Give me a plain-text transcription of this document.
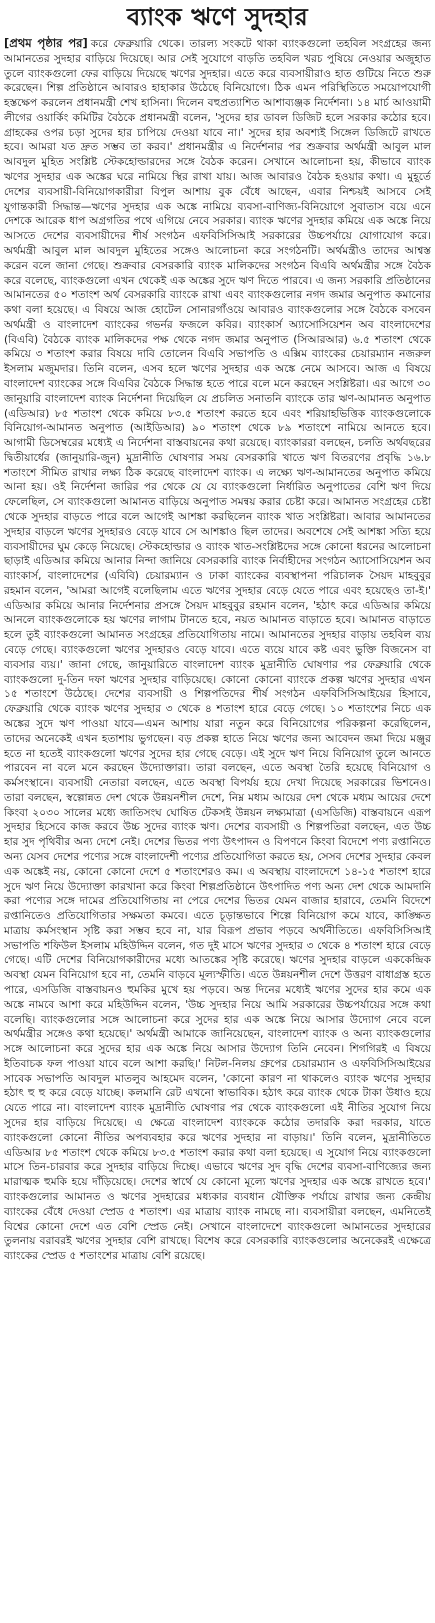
ব্যাংক ঋণে সুদহার

[প্রথম পৃষ্ঠার পর] করে ফেব্রুয়ারি থেকে। তারল্য সংকটে থাকা ব্যাংকগুলো তহবিল সংগ্রহের জন্য আমানতের সুদহার বাড়িয়ে দিয়েছে। আর সেই সুযোগে বাড়তি তহবিল খরচ পুষিয়ে নেওয়ার অজুহাত তুলে ব্যাংকগুলো ফের বাড়িয়ে দিয়েছে ঋণের সুদহার। এতে করে ব্যবসায়ীরাও হাত গুটিয়ে নিতে শুরু করেছেন। শিল্প প্রতিষ্ঠানে আবারও হাহাকার উঠেছে বিনিয়োগে। ঠিক এমন পরিস্থিতিতে সময়োপযোগী হস্তক্ষেপ করলেন প্রধানমন্ত্রী শেখ হাসিনা। দিলেন বহুপ্রত্যাশিত আশাব্যঞ্জক নির্দেশনা। ১৪ মার্চ আওয়ামী লীগের ওয়ার্কিং কমিটির বৈঠকে প্রধানমন্ত্রী বলেন, 'সুদের হার ডাবল ডিজিট হলে সরকার কঠোর হবে। গ্রাহকের ওপর চড়া সুদের হার চাপিয়ে দেওয়া যাবে না।' সুদের হার অবশ্যই সিঙ্গেল ডিজিটে রাখতে হবে। আমরা যত দ্রুত সম্ভব তা করব।' প্রধানমন্ত্রীর এ নির্দেশনার পর শুক্রবার অর্থমন্ত্রী আবুল মাল আবদুল মুহিত সংশ্লিষ্ট স্টেকহোল্ডারদের সঙ্গে বৈঠক করেন। সেখানে আলোচনা হয়, কীভাবে ব্যাংক ঋণের সুদহার এক অঙ্কের ঘরে নামিয়ে স্থির রাখা যায়। আজ আবারও বৈঠক হওয়ার কথা। এ মুহূর্তে দেশের ব্যবসায়ী-বিনিয়োগকারীরা বিপুল আশায় বুক বেঁধে আছেন, এবার নিশ্চয়ই আসবে সেই যুগান্তকারী সিদ্ধান্ত—ঋণের সুদহার এক অঙ্কে নামিয়ে ব্যবসা-বাণিজ্য-বিনিয়োগে সুবাতাস বয়ে এনে দেশকে আরেক ধাপ অগ্রগতির পথে এগিয়ে নেবে সরকার। ব্যাংক ঋণের সুদহার কমিয়ে এক অঙ্কে নিয়ে আসতে দেশের ব্যবসায়ীদের শীর্ষ সংগঠন এফবিসিসিআই সরকারের উচ্চপর্যায়ে যোগাযোগ করে। অর্থমন্ত্রী আবুল মাল আবদুল মুহিতের সঙ্গেও আলোচনা করে সংগঠনটি। অর্থমন্ত্রীও তাদের আশ্বস্ত করেন বলে জানা গেছে। শুক্রবার বেসরকারি ব্যাংক মালিকদের সংগঠন বিএবি অর্থমন্ত্রীর সঙ্গে বৈঠক করে বলেছে, ব্যাংকগুলো এখন থেকেই এক অঙ্কের সুদে ঋণ দিতে পারবে। এ জন্য সরকারি প্রতিষ্ঠানের আমানতের ৫০ শতাংশ অর্থ বেসরকারি ব্যাংকে রাখা এবং ব্যাংকগুলোর নগদ জমার অনুপাত কমানোর কথা বলা হয়েছে। এ বিষয়ে আজ হোটেল সোনারগাঁওয়ে আবারও ব্যাংকগুলোর সঙ্গে বৈঠকে বসবেন অর্থমন্ত্রী ও বাংলাদেশ ব্যাংকের গভর্নর ফজলে কবির। ব্যাংকার্স অ্যাসোসিয়েশন অব বাংলাদেশের (বিএবি) বৈঠকে ব্যাংক মালিকদের পক্ষ থেকে নগদ জমার অনুপাত (সিআরআর) ৬.৫ শতাংশ থেকে কমিয়ে ৩ শতাংশ করার বিষয়ে দাবি তোলেন বিএবি সভাপতি ও এক্সিম ব্যাংকের চেয়ারম্যান নজরুল ইসলাম মজুমদার। তিনি বলেন, এসব হলে ঋণের সুদহার এক অঙ্কে নেমে আসবে। আজ এ বিষয়ে বাংলাদেশ ব্যাংকের সঙ্গে বিএবির বৈঠকে সিদ্ধান্ত হতে পারে বলে মনে করছেন সংশ্লিষ্টরা। এর আগে ৩০ জানুয়ারি বাংলাদেশ ব্যাংক নির্দেশনা দিয়েছিল যে প্রচলিত সনাতনি ব্যাংকে তার ঋণ-আমানত অনুপাত (এডিআর) ৮৫ শতাংশ থেকে কমিয়ে ৮৩.৫ শতাংশ করতে হবে এবং শরিয়াহভিত্তিক ব্যাংকগুলোকে বিনিয়োগ-আমানত অনুপাত (আইডিআর) ৯০ শতাংশ থেকে ৮৯ শতাংশে নামিয়ে আনতে হবে। আগামী ডিসেম্বরের মধ্যেই এ নির্দেশনা বাস্তবায়নের কথা রয়েছে। ব্যাংকাররা বলছেন, চলতি অর্থবছরের দ্বিতীয়ার্ধের (জানুয়ারি-জুন) মুদ্রানীতি ঘোষণার সময় বেসরকারি খাতে ঋণ বিতরণের প্রবৃদ্ধি ১৬.৮ শতাংশে সীমিত রাখার লক্ষ্য ঠিক করেছে বাংলাদেশ ব্যাংক। এ লক্ষ্যে ঋণ-আমানতের অনুপাত কমিয়ে আনা হয়। ওই নির্দেশনা জারির পর থেকে যে যে ব্যাংকগুলো নির্ধারিত অনুপাতের বেশি ঋণ দিয়ে ফেলেছিল, সে ব্যাংকগুলো আমানত বাড়িয়ে অনুপাত সমন্বয় করার চেষ্টা করে। আমানত সংগ্রহের চেষ্টা থেকে সুদহার বাড়তে পারে বলে আগেই আশঙ্কা করছিলেন ব্যাংক খাত সংশ্লিষ্টরা। আবার আমানতের সুদহার বাড়লে ঋণের সুদহারও বেড়ে যাবে সে আশঙ্কাও ছিল তাদের। অবশেষে সেই আশঙ্কা সত্যি হয়ে ব্যবসায়ীদের ঘুম কেড়ে নিয়েছে। স্টেকহোল্ডার ও ব্যাংক খাত-সংশ্লিষ্টদের সঙ্গে কোনো ধরনের আলোচনা ছাড়াই এডিআর কমিয়ে আনার নিন্দা জানিয়ে বেসরকারি ব্যাংক নির্বাহীদের সংগঠন অ্যাসোসিয়েশন অব ব্যাংকার্স, বাংলাদেশের (এবিবি) চেয়ারম্যান ও ঢাকা ব্যাংকের ব্যবস্থাপনা পরিচালক সৈয়দ মাহবুবুর রহমান বলেন, 'আমরা আগেই বলেছিলাম এতে ঋণের সুদহার বেড়ে যেতে পারে এবং হয়েছেও তা-ই।' এডিআর কমিয়ে আনার নির্দেশনার প্রসঙ্গে সৈয়দ মাহবুবুর রহমান বলেন, 'হঠাৎ করে এডিআর কমিয়ে আনলে ব্যাংকগুলোকে হয় ঋণের লাগাম টানতে হবে, নয়ত আমানত বাড়াতে হবে। আমানত বাড়াতে হলে তুই ব্যাংকগুলো আমানত সংগ্রহের প্রতিযোগিতায় নামে। আমানতের সুদহার বাড়ায় তহবিল ব্যয় বেড়ে গেছে। ব্যাংকগুলো ঋণের সুদহারও বেড়ে যাবে। এতে ব্যয়ে যাবে কষ্ট এবং ভুক্তি বিজনেস বা ব্যবসার ব্যয়।' জানা গেছে, জানুয়ারিতে বাংলাদেশ ব্যাংক মুদ্রানীতি ঘোষণার পর ফেব্রুয়ারি থেকে ব্যাংকগুলো দু-তিন দফা ঋণের সুদহার বাড়িয়েছে। কোনো কোনো ব্যাংকে প্রকল্প ঋণের সুদহার এখন ১৫ শতাংশে উঠেছে। দেশের ব্যবসায়ী ও শিল্পপতিদের শীর্ষ সংগঠন এফবিসিসিআইয়ের হিসাবে, ফেব্রুয়ারি থেকে ব্যাংক ঋণের সুদহার ৩ থেকে ৪ শতাংশ হারে বেড়ে গেছে। ১০ শতাংশের নিচে এক অঙ্কের সুদে ঋণ পাওয়া যাবে—এমন আশায় যারা নতুন করে বিনিয়োগের পরিকল্পনা করেছিলেন, তাদের অনেকেই এখন হতাশায় ভুগছেন। বড় প্রকল্প হাতে নিয়ে ঋণের জন্য আবেদন জমা দিয়ে মঞ্জুর হতে না হতেই ব্যাংকগুলো ঋণের সুদের হার গেছে বেড়ে। এই সুদে ঋণ নিয়ে বিনিয়োগ তুলে আনতে পারবেন না বলে মনে করছেন উদ্যোক্তারা। তারা বলছেন, এতে অবস্থা তৈরি হয়েছে বিনিয়োগ ও কর্মসংস্থানে। ব্যবসায়ী নেতারা বলছেন, এতে অবস্থা বিপর্যয় হয়ে দেখা দিয়েছে সরকারের ভিশনেও। তারা বলছেন, স্বল্পোন্নত দেশ থেকে উন্নয়নশীল দেশে, নিম্ন মধ্যম আয়ের দেশ থেকে মধ্যম আয়ের দেশে কিংবা ২০৩০ সালের মধ্যে জাতিসংঘ ঘোষিত টেকসই উন্নয়ন লক্ষ্যমাত্রা (এসডিজি) বাস্তবায়নে এরূপ সুদহার হিসেবে কাজ করবে উচ্চ সুদের ব্যাংক ঋণ। দেশের ব্যবসায়ী ও শিল্পপতিরা বলছেন, এত উচ্চ হার সুদ পৃথিবীর অন্য দেশে নেই। দেশের ভিতর পণ্য উৎপাদন ও বিপণনে কিংবা বিদেশে পণ্য রপ্তানিতে অন্য যেসব দেশের পণ্যের সঙ্গে বাংলাদেশী পণ্যের প্রতিযোগিতা করতে হয়, সেসব দেশের সুদহার কেবল এক অঙ্কেই নয়, কোনো কোনো দেশে ৫ শতাংশেরও কম। এ অবস্থায় বাংলাদেশে ১৪-১৫ শতাংশ হারে সুদে ঋণ নিয়ে উদ্যোক্তা কারখানা করে কিংবা শিল্পপ্রতিষ্ঠানে উৎপাদিত পণ্য অন্য দেশ থেকে আমদানি করা পণ্যের সঙ্গে দামের প্রতিযোগিতায় না পেরে দেশের ভিতর যেমন বাজার হারাবে, তেমনি বিদেশে রপ্তানিতেও প্রতিযোগিতার সক্ষমতা কমবে। এতে চূড়ান্তভাবে শিল্পে বিনিয়োগ কমে যাবে, কাঙ্ক্ষিত মাত্রায় কর্মসংস্থান সৃষ্টি করা সম্ভব হবে না, যার বিরূপ প্রভাব পড়বে অর্থনীতিতে। এফবিসিসিআই সভাপতি শফিউল ইসলাম মহিউদ্দিন বলেন, গত দুই মাসে ঋণের সুদহার ৩ থেকে ৪ শতাংশ হারে বেড়ে গেছে। এটি দেশের বিনিয়োগকারীদের মধ্যে আতঙ্কের সৃষ্টি করেছে। ঋণের সুদহার বাড়লে এককেন্দ্রিক অবস্থা যেমন বিনিয়োগ হবে না, তেমনি বাড়বে মূল্যস্ফীতি। এতে উন্নয়নশীল দেশে উত্তরণ বাধাগ্রস্ত হতে পারে, এসডিজি বাস্তবায়নও হুমকির মুখে হয় পড়বে। অন্ত দিনের মধ্যেই ঋণের সুদের হার কমে এক অঙ্কে নামবে আশা করে মহিউদ্দিন বলেন, 'উচ্চ সুদহার নিয়ে আমি সরকারের উচ্চপর্যায়ের সঙ্গে কথা বলেছি। ব্যাংকগুলোর সঙ্গে আলোচনা করে সুদের হার এক অঙ্কে নিয়ে আসার উদ্যোগ নেবে বলে অর্থমন্ত্রীর সঙ্গেও কথা হয়েছে।' অর্থমন্ত্রী আমাকে জানিয়েছেন, বাংলাদেশ ব্যাংক ও অন্য ব্যাংকগুলোর সঙ্গে আলোচনা করে সুদের হার এক অঙ্কে নিয়ে আসার উদ্যোগ তিনি নেবেন। শিগগিরই এ বিষয়ে ইতিবাচক ফল পাওয়া যাবে বলে আশা করছি।' নিটল-নিলয় গ্রুপের চেয়ারম্যান ও এফবিসিসিআইয়ের সাবেক সভাপতি আবদুল মাতলুব আহমেদ বলেন, 'কোনো কারণ না থাকলেও ব্যাংক ঋণের সুদহার হঠাৎ হু হু করে বেড়ে যাচ্ছে। কলমানি রেট এখনো স্বাভাবিক। হঠাৎ করে ব্যাংক থেকে টাকা উধাও হয়ে যেতে পারে না। বাংলাদেশ ব্যাংক মুদ্রানীতি ঘোষণার পর থেকে ব্যাংকগুলো এই নীতির সুযোগ নিয়ে সুদের হার বাড়িয়ে দিয়েছে। এ ক্ষেত্রে বাংলাদেশ ব্যাংককে কঠোর তদারকি করা দরকার, যাতে ব্যাংকগুলো কোনো নীতির অপব্যবহার করে ঋণের সুদহার না বাড়ায়।' তিনি বলেন, মুদ্রানীতিতে এডিআর ৮৫ শতাংশ থেকে কমিয়ে ৮৩.৫ শতাংশ করার কথা বলা হয়েছে। এ সুযোগ নিয়ে ব্যাংকগুলো মাসে তিন-চারবার করে সুদহার বাড়িয়ে দিচ্ছে। এভাবে ঋণের সুদ বৃদ্ধি দেশের ব্যবসা-বাণিজ্যের জন্য মারাত্মক হুমকি হয়ে দাঁড়িয়েছে। দেশের স্বার্থে যে কোনো মূল্যে ঋণের সুদহার এক অঙ্কে রাখতে হবে।' ব্যাংকগুলোর আমানত ও ঋণের সুদহারের মধ্যকার ব্যবধান যৌক্তিক পর্যায়ে রাখার জন্য কেন্দ্রীয় ব্যাংকের বেঁধে দেওয়া স্প্রেড ৫ শতাংশ। এর মাত্রায় ব্যাংক নামছে না। ব্যবসায়ীরা বলছেন, এমনিতেই বিশ্বের কোনো দেশে এত বেশি স্প্রেড নেই। সেখানে বাংলাদেশে ব্যাংকগুলো আমানতের সুদহারের তুলনায় বরাবরই ঋণের সুদহার বেশি রাখছে। বিশেষ করে বেসরকারি ব্যাংকগুলোর অনেকেরই এক্ষেত্রে ব্যাংকের স্প্রেড ৫ শতাংশের মাত্রায় বেশি রয়েছে।
